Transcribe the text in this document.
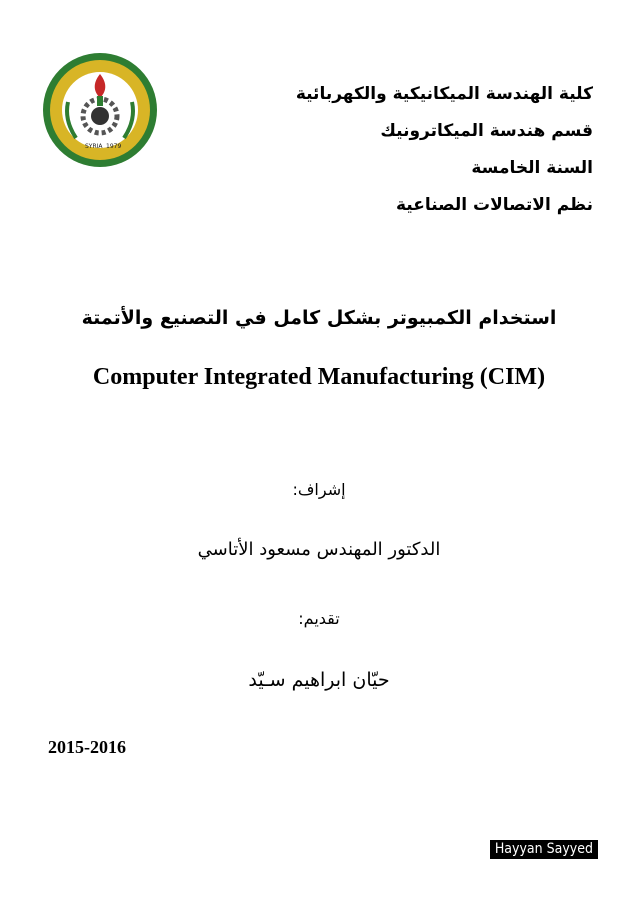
SYRIA 1979
كلية الهندسة الميكانيكية والكهربائية
قسم هندسة الميكاترونيك
السنة الخامسة
نظم الاتصالات الصناعية
استخدام الكمبيوتر بشكل كامل في التصنيع والأتمتة
Computer Integrated Manufacturing (CIM)
إشراف:
الدكتور المهندس مسعود الأتاسي
تقديم:
حيّان ابراهيم سـيّد
2015-2016
Hayyan Sayyed
